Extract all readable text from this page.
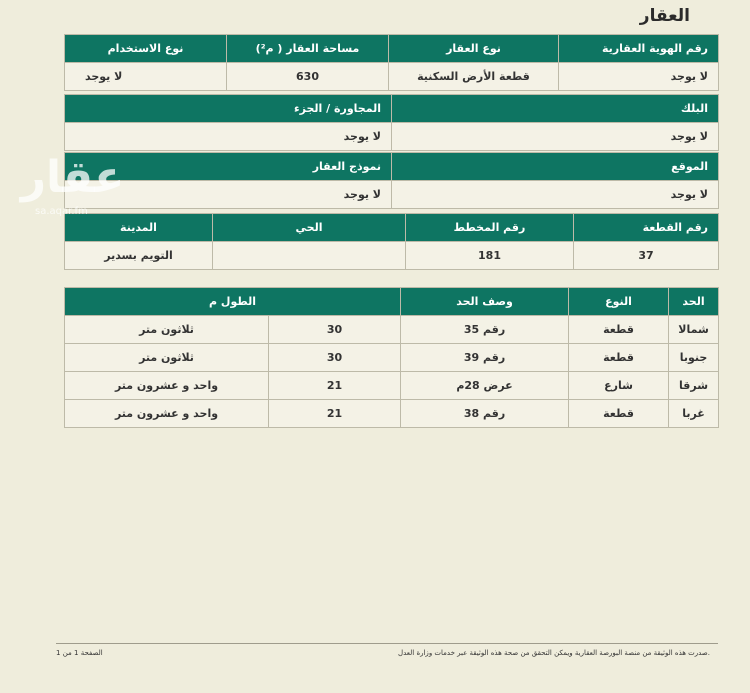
العقار
رقم الهوية العقارية	نوع العقار	مساحة العقار ( م²)	نوع الاستخدام
لا يوجد	قطعة الأرض السكنية	630	لا يوجد
البلك	المجاورة / الجزء
لا يوجد	لا يوجد
الموقع	نموذج العقار
لا يوجد	لا يوجد
رقم القطعة	رقم المخطط	الحي	المدينة
37	181		التويم بسدير
الحد	النوع	وصف الحد	الطول م	
شمالا	قطعة	رقم 35	30	ثلاثون متر
جنوبا	قطعة	رقم 39	30	ثلاثون متر
شرقا	شارع	عرض 28م	21	واحد و عشرون متر
غربا	قطعة	رقم 38	21	واحد و عشرون متر
عقار
sa.aqar.fm
صدرت هذه الوثيقة من منصة البورصة العقارية ويمكن التحقق من صحة هذه الوثيقة عبر خدمات وزارة العدل.
الصفحة 1 من 1
